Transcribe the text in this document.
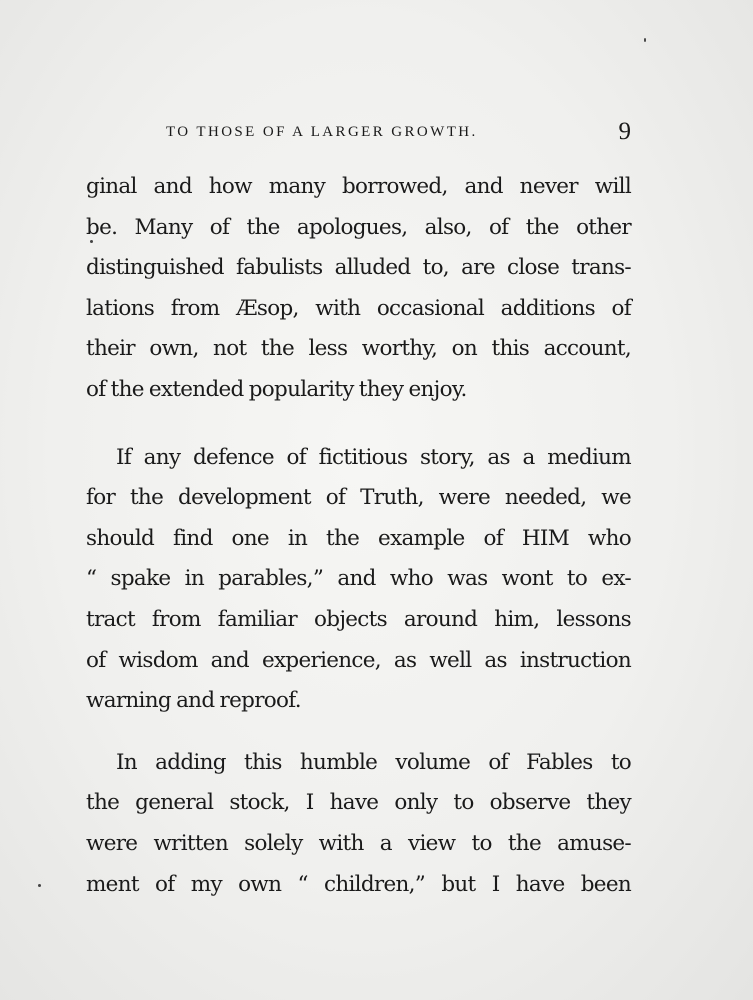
TO THOSE OF A LARGER GROWTH.	9
ginal and how many borrowed, and never will
be. Many of the apologues, also, of the other
distinguished fabulists alluded to, are close trans-
lations from Æsop, with occasional additions of
their own, not the less worthy, on this account,
of the extended popularity they enjoy.
If any defence of fictitious story, as a medium
for the development of Truth, were needed, we
should find one in the example of HIM who
“ spake in parables,” and who was wont to ex-
tract from familiar objects around him, lessons
of wisdom and experience, as well as instruction
warning and reproof.
In adding this humble volume of Fables to
the general stock, I have only to observe they
were written solely with a view to the amuse-
ment of my own “ children,” but I have been
